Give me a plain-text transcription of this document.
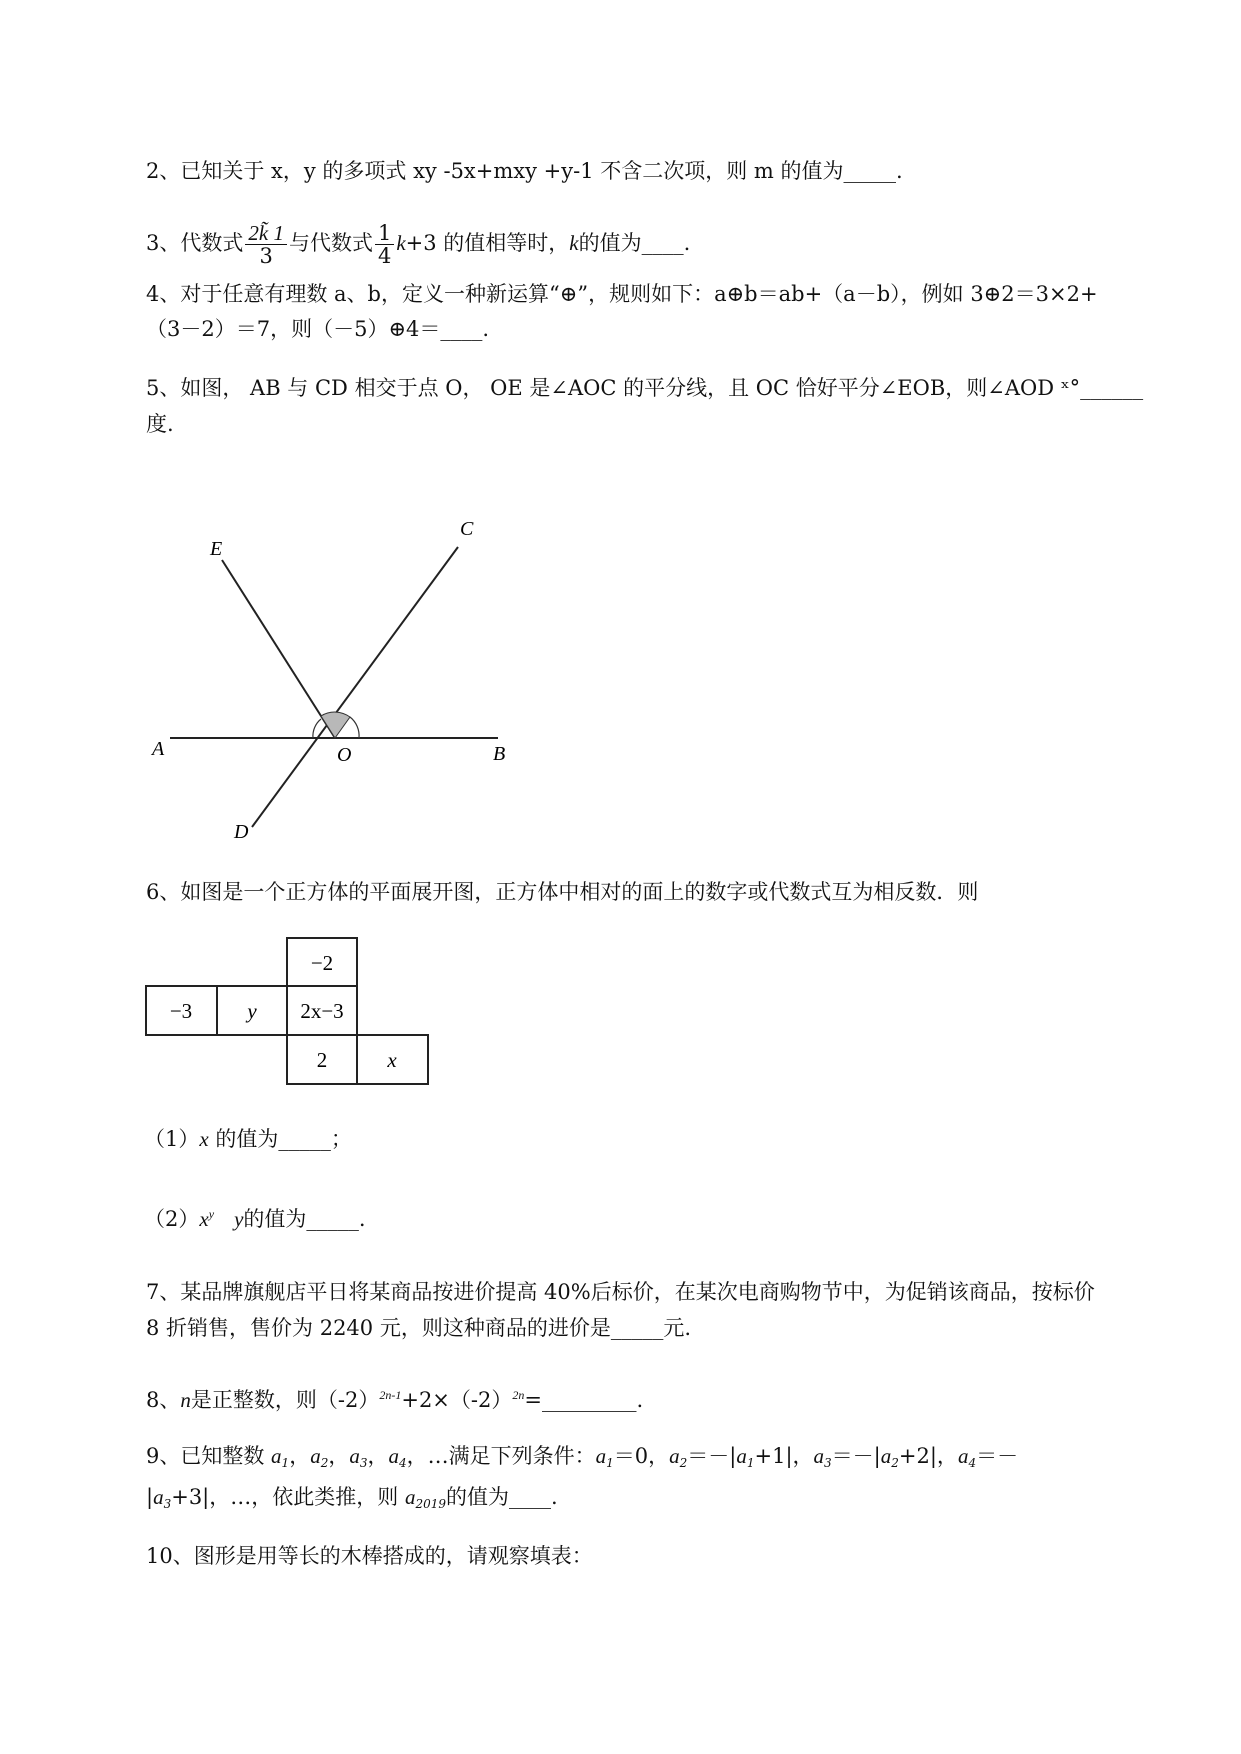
2、已知关于 x，y 的多项式 xy -5x+mxy +y-1 不含二次项，则 m 的值为_____.
3、代数式 $\frac{2k̃ 1}{3}$ 与代数式 $\frac{1}{4} k+3$ 的值相等时，k的值为____.
4、对于任意有理数 a、b，定义一种新运算“⊕”，规则如下：a⊕b＝ab+（a－b），例如 3⊕2＝3×2+
（3－2）＝7，则（－5）⊕4＝____.
5、如图， AB 与 CD 相交于点 O， OE 是∠AOC 的平分线，且 OC 恰好平分∠EOB，则∠AOD ˣ°______
度.
E
C
A	O	B
D
6、如图是一个正方体的平面展开图，正方体中相对的面上的数字或代数式互为相反数．则
−2
−3	y 2x−3
2	x
（1）x 的值为_____；
$(2)x^y$ y的值为_____.
7、某品牌旗舰店平日将某商品按进价提高 40%后标价，在某次电商购物节中，为促销该商品，按标价
8 折销售，售价为 2240 元，则这种商品的进价是_____元.
8、n是正整数，则$(-2)^{2n-1}+2\times(-2)^{2n}=\_\_\_\_\_\_\_\_\_$.
9、已知整数 $a_1$，$a_2$，$a_3$，$a_4$，…满足下列条件：$a_1=0$，$a_2=-|a_1+1|$，$a_3=-|a_2+2|$，$a_4=-$
$|a_3+3|$，…，依此类推，则 $a_{2019}$的值为____.
10、图形是用等长的木棒搭成的，请观察填表：
